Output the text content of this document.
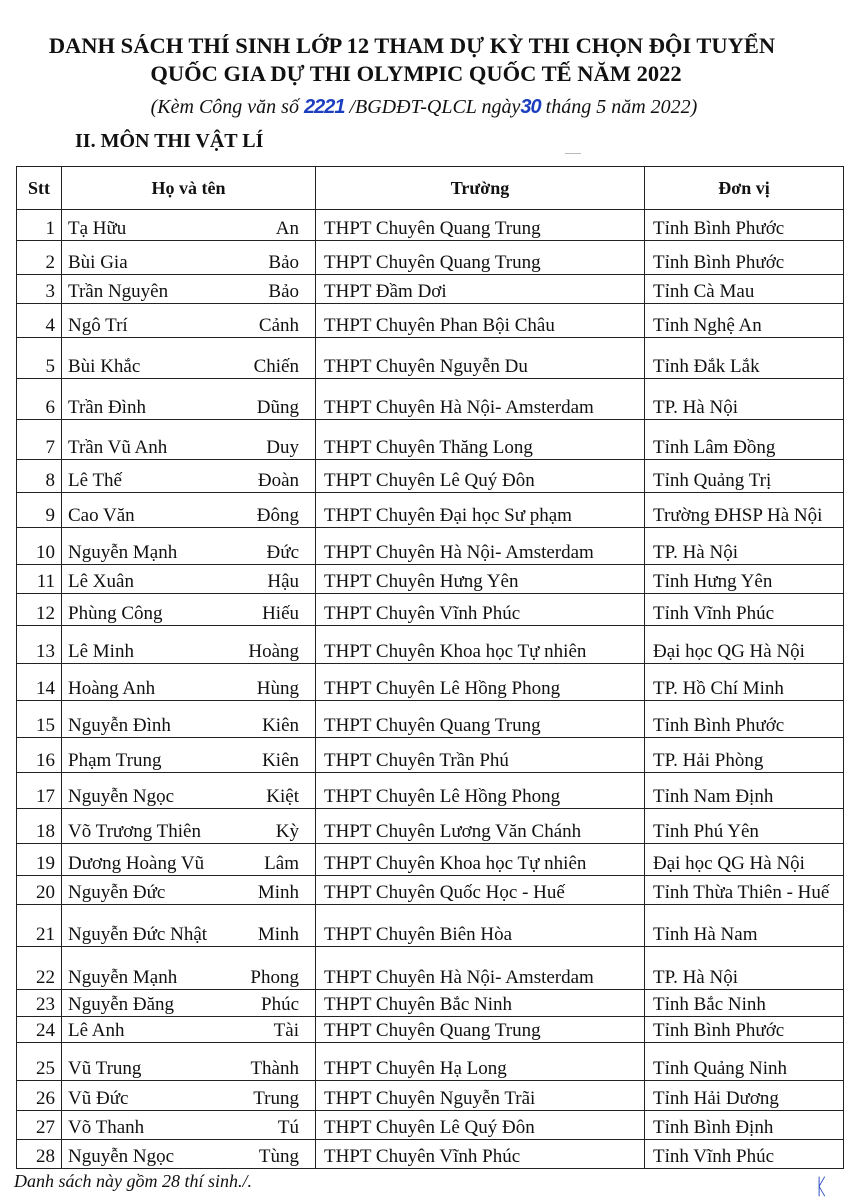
DANH SÁCH THÍ SINH LỚP 12 THAM DỰ KỲ THI CHỌN ĐỘI TUYỂN
QUỐC GIA DỰ THI OLYMPIC QUỐC TẾ NĂM 2022
(Kèm Công văn số 2221 /BGDĐT-QLCL ngày30 tháng 5 năm 2022)
II. MÔN THI VẬT LÍ
Stt	Họ và tên	Trường	Đơn vị
1	Tạ Hữu An	THPT Chuyên Quang Trung	Tỉnh Bình Phước
2	Bùi Gia Bảo	THPT Chuyên Quang Trung	Tỉnh Bình Phước
3	Trần Nguyên Bảo	THPT Đầm Dơi	Tỉnh Cà Mau
4	Ngô Trí Cảnh	THPT Chuyên Phan Bội Châu	Tỉnh Nghệ An
5	Bùi Khắc Chiến	THPT Chuyên Nguyễn Du	Tỉnh Đắk Lắk
6	Trần Đình Dũng	THPT Chuyên Hà Nội- Amsterdam	TP. Hà Nội
7	Trần Vũ Anh Duy	THPT Chuyên Thăng Long	Tỉnh Lâm Đồng
8	Lê Thế Đoàn	THPT Chuyên Lê Quý Đôn	Tỉnh Quảng Trị
9	Cao Văn Đông	THPT Chuyên Đại học Sư phạm	Trường ĐHSP Hà Nội
10	Nguyễn Mạnh Đức	THPT Chuyên Hà Nội- Amsterdam	TP. Hà Nội
11	Lê Xuân Hậu	THPT Chuyên Hưng Yên	Tỉnh Hưng Yên
12	Phùng Công Hiếu	THPT Chuyên Vĩnh Phúc	Tỉnh Vĩnh Phúc
13	Lê Minh Hoàng	THPT Chuyên Khoa học Tự nhiên	Đại học QG Hà Nội
14	Hoàng Anh Hùng	THPT Chuyên Lê Hồng Phong	TP. Hồ Chí Minh
15	Nguyễn Đình Kiên	THPT Chuyên Quang Trung	Tỉnh Bình Phước
16	Phạm Trung Kiên	THPT Chuyên Trần Phú	TP. Hải Phòng
17	Nguyễn Ngọc Kiệt	THPT Chuyên Lê Hồng Phong	Tỉnh Nam Định
18	Võ Trương Thiên Kỳ	THPT Chuyên Lương Văn Chánh	Tỉnh Phú Yên
19	Dương Hoàng Vũ Lâm	THPT Chuyên Khoa học Tự nhiên	Đại học QG Hà Nội
20	Nguyễn Đức Minh	THPT Chuyên Quốc Học - Huế	Tỉnh Thừa Thiên - Huế
21	Nguyễn Đức Nhật Minh	THPT Chuyên Biên Hòa	Tỉnh Hà Nam
22	Nguyễn Mạnh Phong	THPT Chuyên Hà Nội- Amsterdam	TP. Hà Nội
23	Nguyễn Đăng Phúc	THPT Chuyên Bắc Ninh	Tỉnh Bắc Ninh
24	Lê Anh Tài	THPT Chuyên Quang Trung	Tỉnh Bình Phước
25	Vũ Trung Thành	THPT Chuyên Hạ Long	Tỉnh Quảng Ninh
26	Vũ Đức Trung	THPT Chuyên Nguyễn Trãi	Tỉnh Hải Dương
27	Võ Thanh Tú	THPT Chuyên Lê Quý Đôn	Tỉnh Bình Định
28	Nguyễn Ngọc Tùng	THPT Chuyên Vĩnh Phúc	Tỉnh Vĩnh Phúc
Danh sách này gồm 28 thí sinh./.	ᛕ
